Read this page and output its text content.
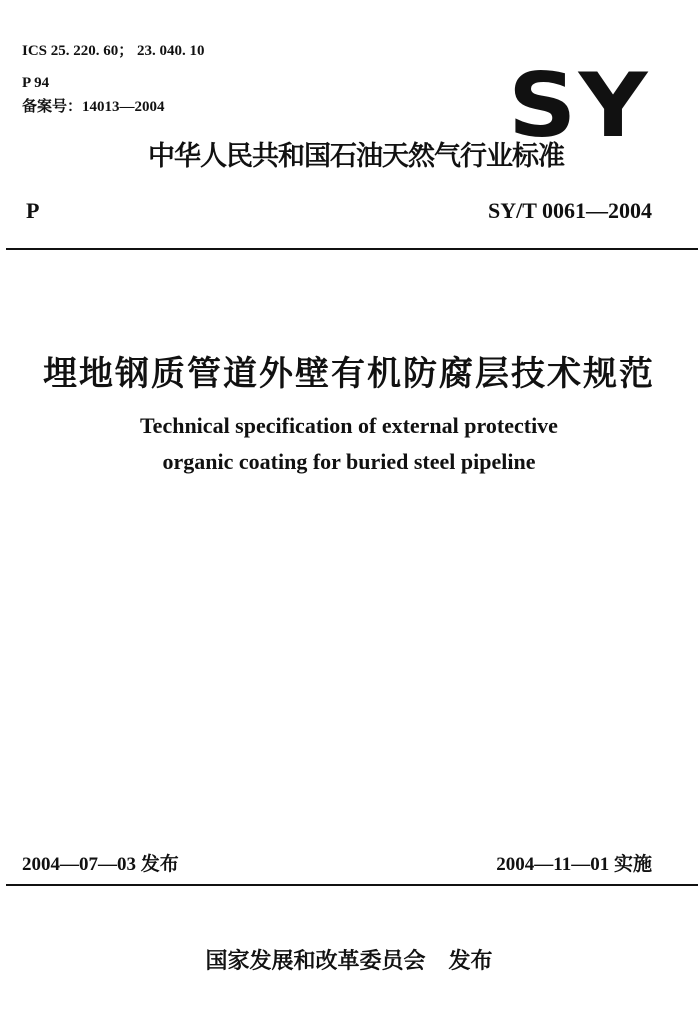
ICS 25. 220. 60； 23. 040. 10
P 94
备案号：14013—2004	SY
中华人民共和国石油天然气行业标准
P	SY/T 0061—2004
埋地钢质管道外壁有机防腐层技术规范
Technical specification of external protective
organic coating for buried steel pipeline
2004—07—03 发布	2004—11—01 实施
国家发展和改革委员会 发布
